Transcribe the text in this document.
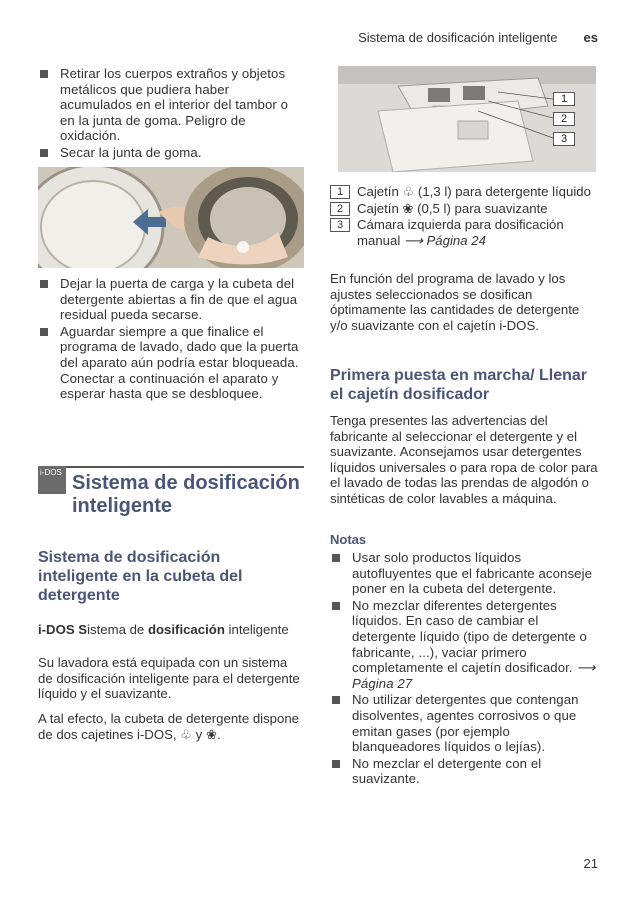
Sistema de dosificación inteligente es
Retirar los cuerpos extraños y objetos metálicos que pudiera haber acumulados en el interior del tambor o en la junta de goma. Peligro de oxidación.
Secar la junta de goma.
1
2
3
Dejar la puerta de carga y la cubeta del detergente abiertas a fin de que el agua residual pueda secarse.
Aguardar siempre a que finalice el programa de lavado, dado que la puerta del aparato aún podría estar bloqueada. Conectar a continuación el aparato y esperar hasta que se desbloquee.
i-DOS Sistema de dosificación inteligente
Sistema de dosificación inteligente en la cubeta del detergente
i-DOS Sistema de dosificación inteligente
Su lavadora está equipada con un sistema de dosificación inteligente para el detergente líquido y el suavizante.
A tal efecto, la cubeta de detergente dispone de dos cajetines i-DOS, ♧ y ❀.
1	Cajetín ♧ (1,3 l) para detergente líquido
2	Cajetín ❀ (0,5 l) para suavizante
3	Cámara izquierda para dosificación manual ⟶ Página 24
En función del programa de lavado y los ajustes seleccionados se dosifican óptimamente las cantidades de detergente y/o suavizante con el cajetín i-DOS.
Primera puesta en marcha/ Llenar el cajetín dosificador
Tenga presentes las advertencias del fabricante al seleccionar el detergente y el suavizante. Aconsejamos usar detergentes líquidos universales o para ropa de color para el lavado de todas las prendas de algodón o sintéticas de color lavables a máquina.
Notas
Usar solo productos líquidos autofluyentes que el fabricante aconseje poner en la cubeta del detergente.
No mezclar diferentes detergentes líquidos. En caso de cambiar el detergente líquido (tipo de detergente o fabricante, ...), vaciar primero completamente el cajetín dosificador. ⟶ Página 27
No utilizar detergentes que contengan disolventes, agentes corrosivos o que emitan gases (por ejemplo blanqueadores líquidos o lejías).
No mezclar el detergente con el suavizante.
21
